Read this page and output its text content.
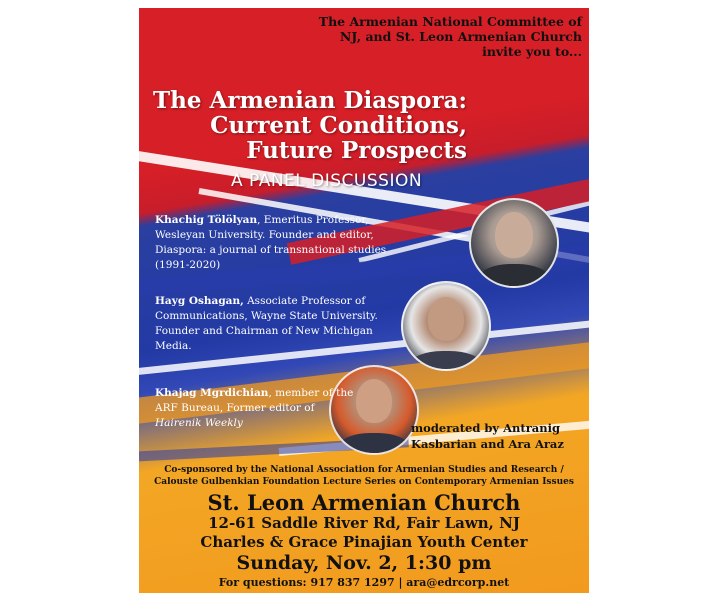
The Armenian National Committee of
NJ, and St. Leon Armenian Church
invite you to...
The Armenian Diaspora:
Current Conditions,
Future Prospects
A PANEL DISCUSSION
Khachig Tölölyan, Emeritus Professor, Wesleyan University. Founder and editor, Diaspora: a journal of transnational studies (1991-2020)
Hayg Oshagan, Associate Professor of Communications, Wayne State University. Founder and Chairman of New Michigan Media.
Khajag Mgrdichian, member of the ARF Bureau, Former editor of Hairenik Weekly	moderated by Antranig
Kasbarian and Ara Araz
Co-sponsored by the National Association for Armenian Studies and Research /
Calouste Gulbenkian Foundation Lecture Series on Contemporary Armenian Issues
St. Leon Armenian Church
12-61 Saddle River Rd, Fair Lawn, NJ
Charles & Grace Pinajian Youth Center
Sunday, Nov. 2, 1:30 pm
For questions: 917 837 1297 | ara@edrcorp.net
